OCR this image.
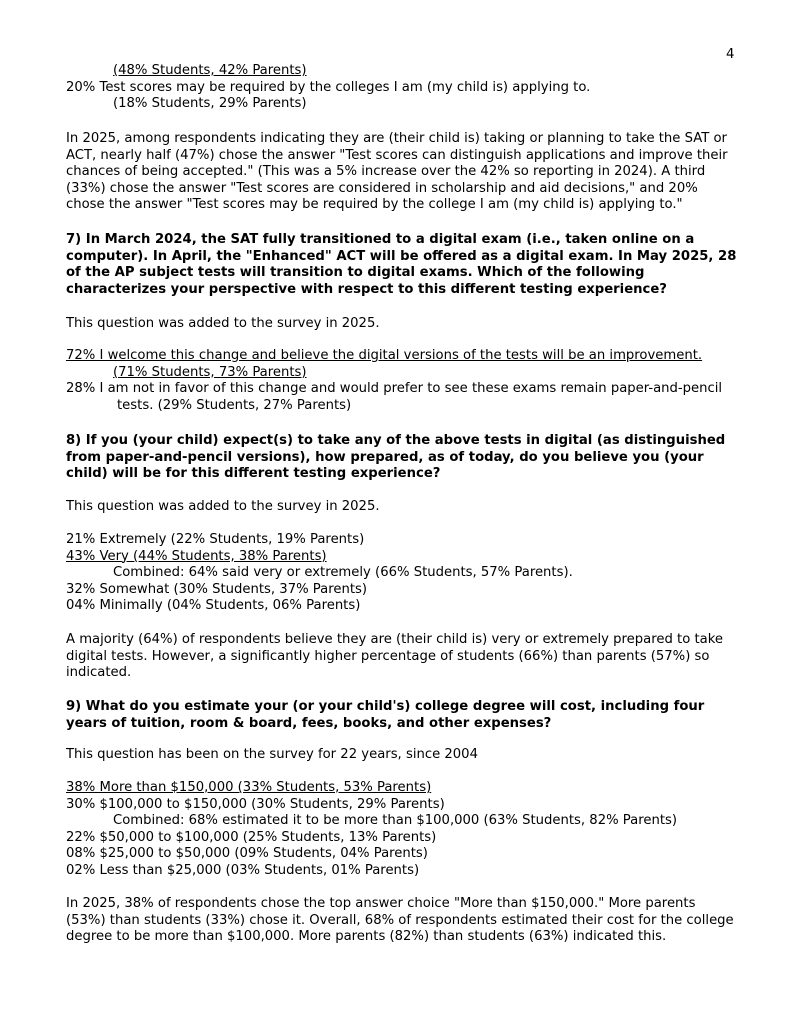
4

(48% Students, 42% Parents)

20% Test scores may be required by the colleges I am (my child is) applying to.

(18% Students, 29% Parents)

In 2025, among respondents indicating they are (their child is) taking or planning to take the SAT or ACT, nearly half (47%) chose the answer "Test scores can distinguish applications and improve their chances of being accepted." (This was a 5% increase over the 42% so reporting in 2024). A third (33%) chose the answer "Test scores are considered in scholarship and aid decisions," and 20% chose the answer "Test scores may be required by the college I am (my child is) applying to."

7) In March 2024, the SAT fully transitioned to a digital exam (i.e., taken online on a computer). In April, the "Enhanced" ACT will be offered as a digital exam. In May 2025, 28 of the AP subject tests will transition to digital exams. Which of the following characterizes your perspective with respect to this different testing experience?

This question was added to the survey in 2025.

72% I welcome this change and believe the digital versions of the tests will be an improvement.

(71% Students, 73% Parents)

28% I am not in favor of this change and would prefer to see these exams remain paper-and-pencil tests. (29% Students, 27% Parents)

8) If you (your child) expect(s) to take any of the above tests in digital (as distinguished from paper-and-pencil versions), how prepared, as of today, do you believe you (your child) will be for this different testing experience?

This question was added to the survey in 2025.

21% Extremely (22% Students, 19% Parents)

43% Very (44% Students, 38% Parents)

Combined: 64% said very or extremely (66% Students, 57% Parents).

32% Somewhat (30% Students, 37% Parents)

04% Minimally (04% Students, 06% Parents)

A majority (64%) of respondents believe they are (their child is) very or extremely prepared to take digital tests. However, a significantly higher percentage of students (66%) than parents (57%) so indicated.

9) What do you estimate your (or your child's) college degree will cost, including four years of tuition, room & board, fees, books, and other expenses?

This question has been on the survey for 22 years, since 2004

38% More than $150,000 (33% Students, 53% Parents)

30% $100,000 to $150,000 (30% Students, 29% Parents)

Combined: 68% estimated it to be more than $100,000 (63% Students, 82% Parents)

22% $50,000 to $100,000 (25% Students, 13% Parents)

08% $25,000 to $50,000 (09% Students, 04% Parents)

02% Less than $25,000 (03% Students, 01% Parents)

In 2025, 38% of respondents chose the top answer choice "More than $150,000." More parents (53%) than students (33%) chose it. Overall, 68% of respondents estimated their cost for the college degree to be more than $100,000. More parents (82%) than students (63%) indicated this.
